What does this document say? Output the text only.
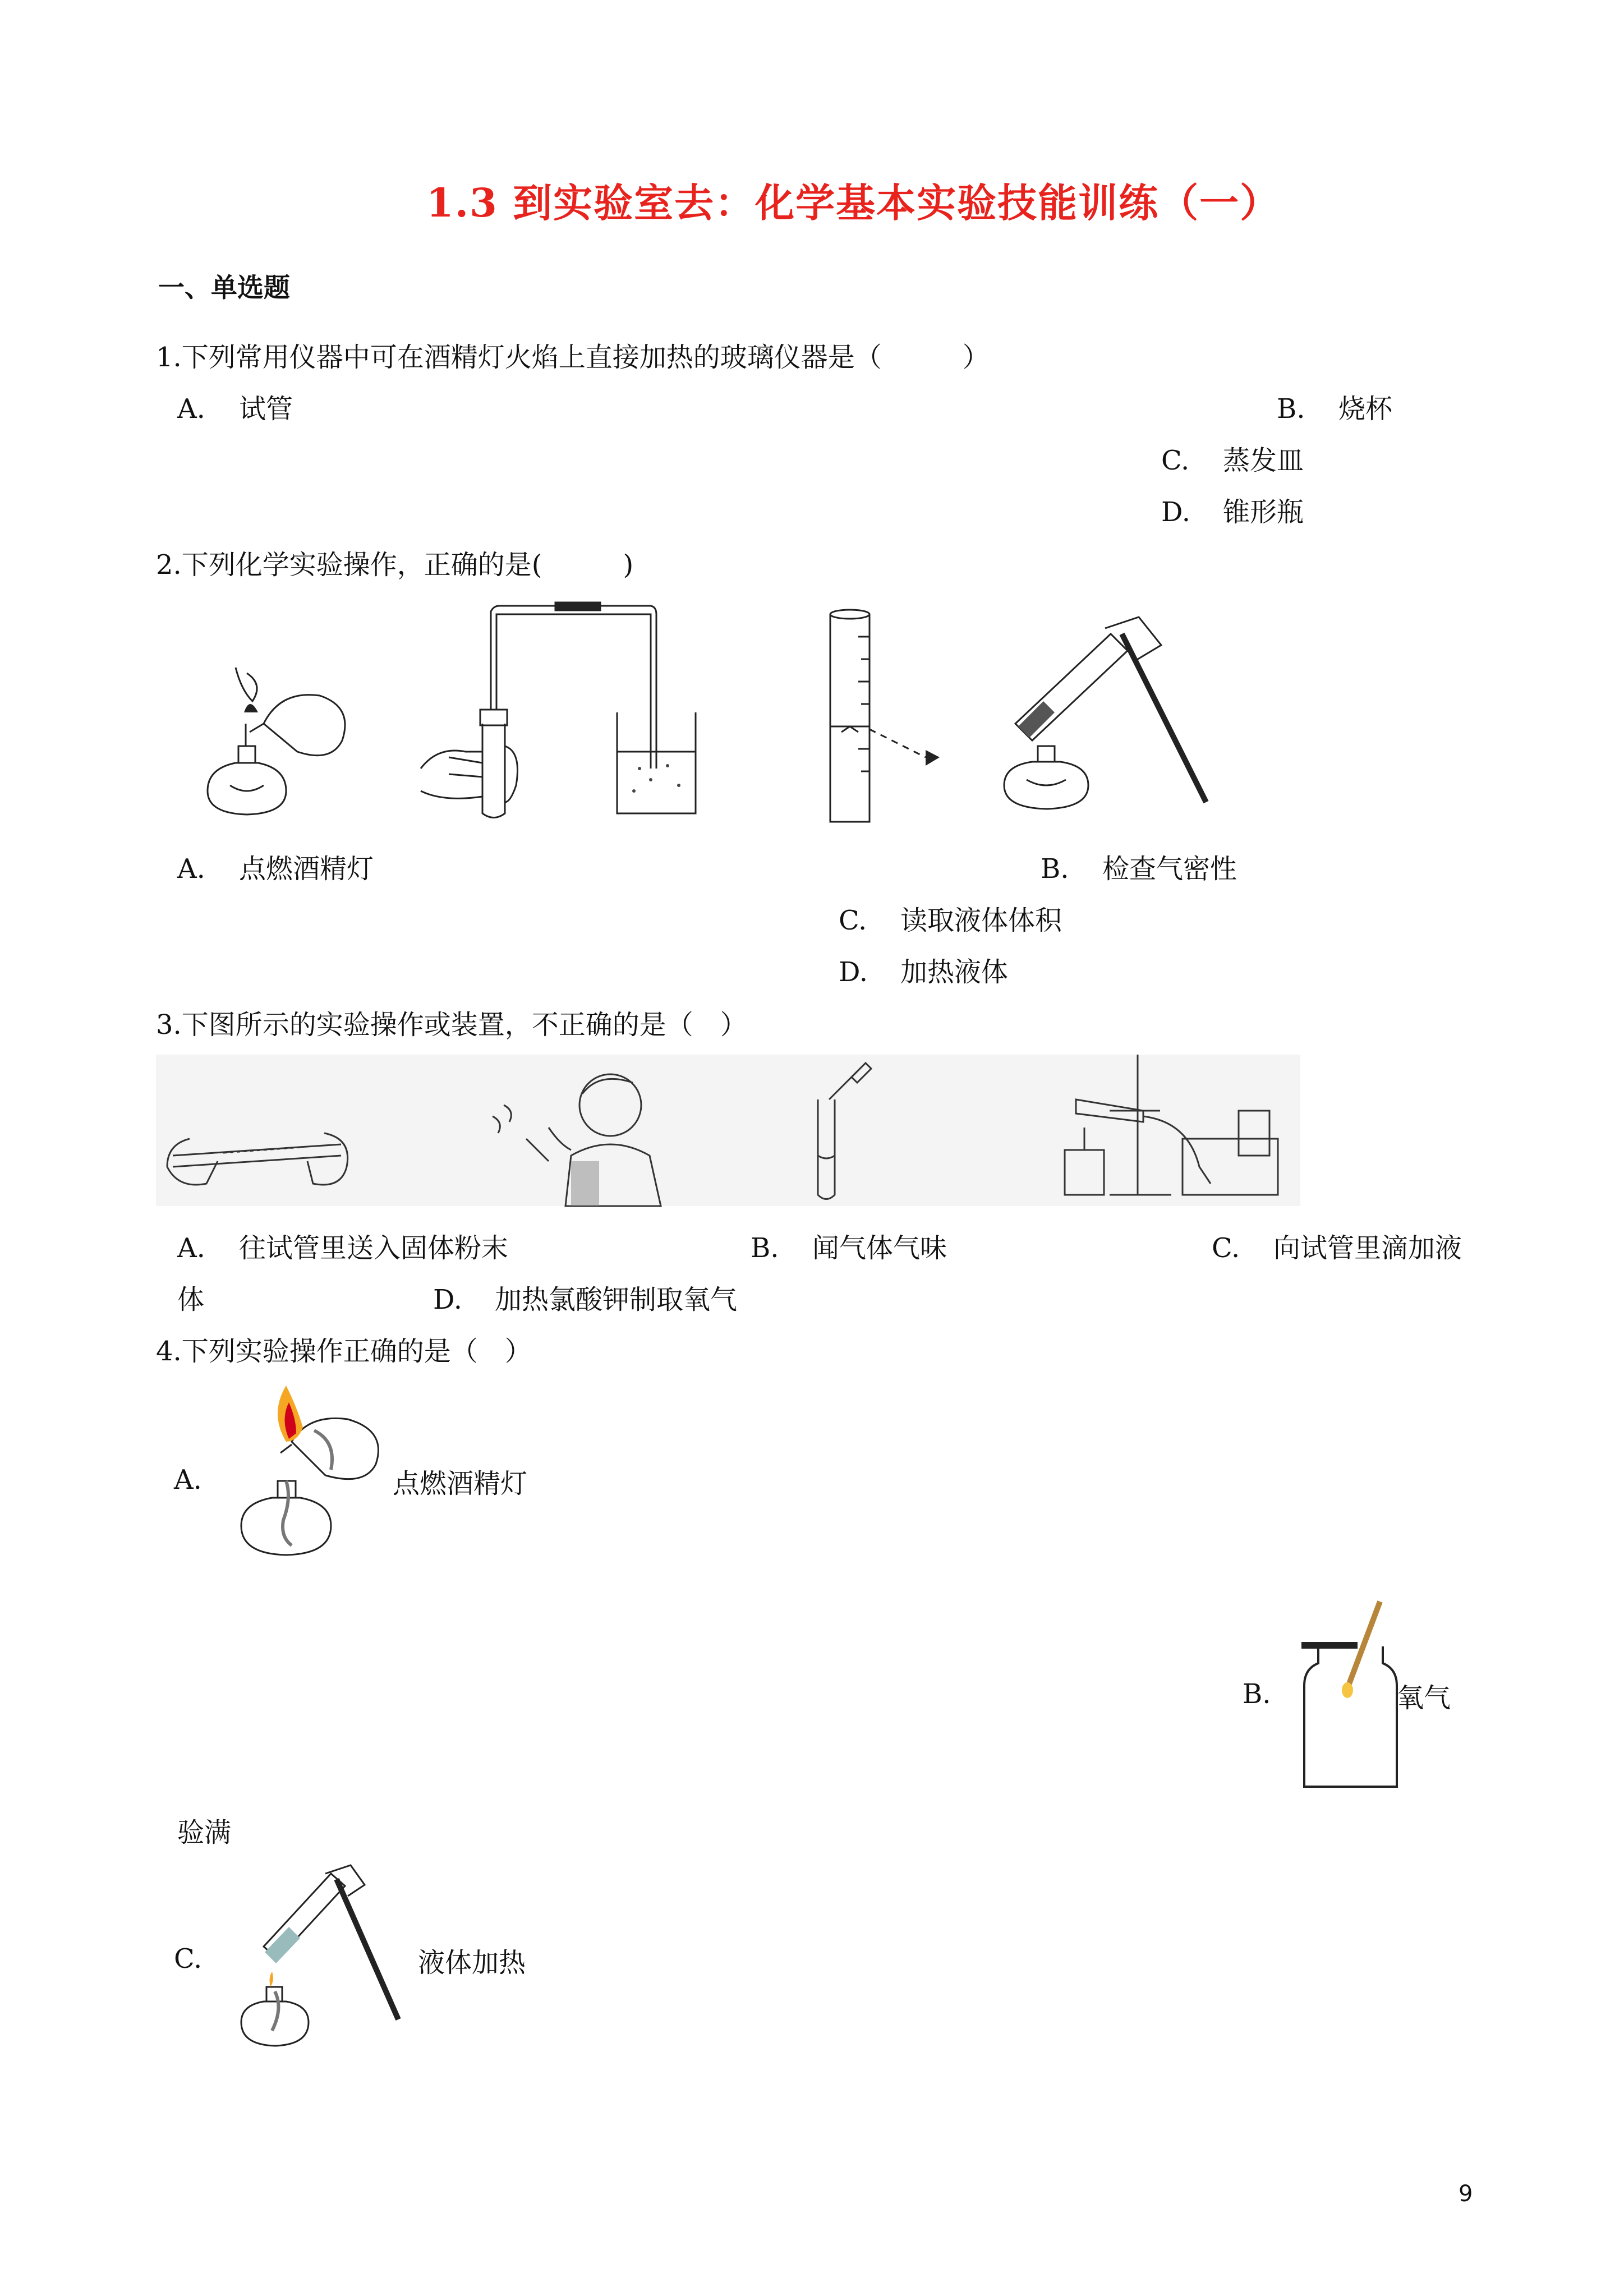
1.3 到实验室去：化学基本实验技能训练（一）
一、单选题
1.下列常用仪器中可在酒精灯火焰上直接加热的玻璃仪器是（　　　）
A. 试管	B. 烧杯
C. 蒸发皿
D. 锥形瓶
2.下列化学实验操作，正确的是(　　　)
A. 点燃酒精灯	B. 检查气密性
C. 读取液体体积
D. 加热液体
3.下图所示的实验操作或装置，不正确的是（　）
A. 往试管里送入固体粉末	B. 闻气体气味	C. 向试管里滴加液
体	D. 加热氯酸钾制取氧气
4.下列实验操作正确的是（　）
A.	点燃酒精灯
B.	氧气
验满
C.	液体加热
9
